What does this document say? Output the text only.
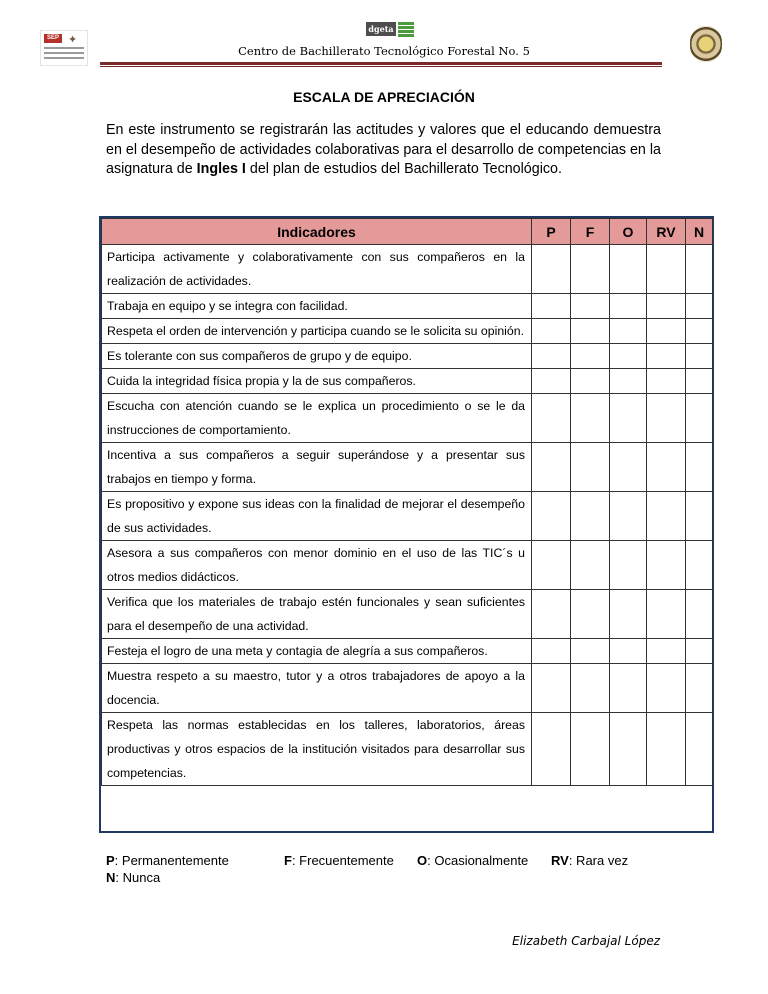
SEP ✦
dgeta
Centro de Bachillerato Tecnológico Forestal No. 5
ESCALA DE APRECIACIÓN
En este instrumento se registrarán las actitudes y valores que el educando demuestra en el desempeño de actividades colaborativas para el desarrollo de competencias en la asignatura de Ingles I del plan de estudios del Bachillerato Tecnológico.
Indicadores	P	F	O	RV	N
Participa activamente y colaborativamente con sus compañeros en la realización de actividades.					
Trabaja en equipo y se integra con facilidad.					
Respeta el orden de intervención y participa cuando se le solicita su opinión.					
Es tolerante con sus compañeros de grupo y de equipo.					
Cuida la integridad física propia y la de sus compañeros.					
Escucha con atención cuando se le explica un procedimiento o se le da instrucciones de comportamiento.					
Incentiva a sus compañeros a seguir superándose y a presentar sus trabajos en tiempo y forma.					
Es propositivo y expone sus ideas con la finalidad de mejorar el desempeño de sus actividades.					
Asesora a sus compañeros con menor dominio en el uso de las TIC´s u otros medios didácticos.					
Verifica que los materiales de trabajo estén funcionales y sean suficientes para el desempeño de una actividad.					
Festeja el logro de una meta y contagia de alegría a sus compañeros.					
Muestra respeto a su maestro, tutor y a otros trabajadores de apoyo a la docencia.					
Respeta las normas establecidas en los talleres, laboratorios, áreas productivas y otros espacios de la institución visitados para desarrollar sus competencias.					
P: Permanentemente	F: Frecuentemente O: Ocasionalmente RV: Rara vez
N: Nunca
Elizabeth Carbajal López
